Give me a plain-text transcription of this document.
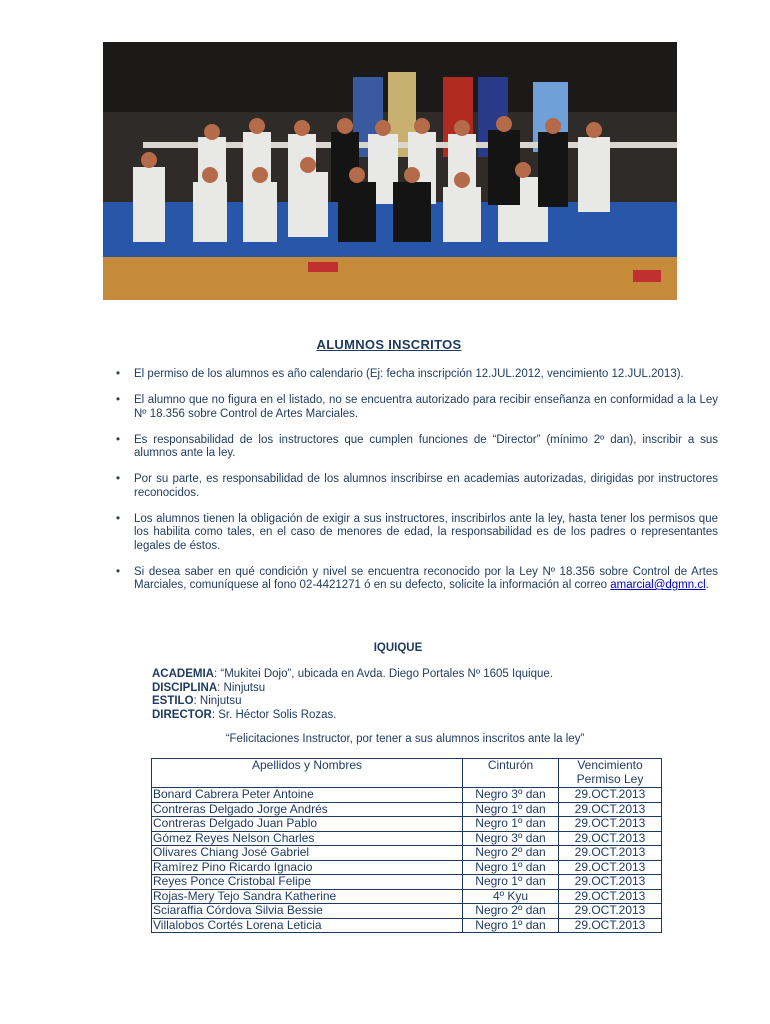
ALUMNOS INSCRITOS
• El permiso de los alumnos es año calendario (Ej: fecha inscripción 12.JUL.2012, vencimiento 12.JUL.2013).
• El alumno que no figura en el listado, no se encuentra autorizado para recibir enseñanza en conformidad a la Ley Nº 18.356 sobre Control de Artes Marciales.
• Es responsabilidad de los instructores que cumplen funciones de “Director” (mínimo 2º dan), inscribir a sus alumnos ante la ley.
• Por su parte, es responsabilidad de los alumnos inscribirse en academias autorizadas, dirigidas por instructores reconocidos.
• Los alumnos tienen la obligación de exigir a sus instructores, inscribirlos ante la ley, hasta tener los permisos que los habilita como tales, en el caso de menores de edad, la responsabilidad es de los padres o representantes legales de éstos.
• Si desea saber en qué condición y nivel se encuentra reconocido por la Ley Nº 18.356 sobre Control de Artes Marciales, comuníquese al fono 02-4421271 ó en su defecto, solicite la información al correo amarcial@dgmn.cl.
IQUIQUE
ACADEMIA: “Mukitei Dojo”, ubicada en Avda. Diego Portales Nº 1605 Iquique.
DISCIPLINA: Ninjutsu
ESTILO: Ninjutsu
DIRECTOR: Sr. Héctor Solis Rozas.
“Felicitaciones Instructor, por tener a sus alumnos inscritos ante la ley”
Apellidos y Nombres	Cinturón	Vencimiento Permiso Ley
Bonard Cabrera Peter Antoine	Negro 3º dan	29.OCT.2013
Contreras Delgado Jorge Andrés	Negro 1º dan	29.OCT.2013
Contreras Delgado Juan Pablo	Negro 1º dan	29.OCT.2013
Gómez Reyes Nelson Charles	Negro 3º dan	29.OCT.2013
Olivares Chiang José Gabriel	Negro 2º dan	29.OCT.2013
Ramírez Pino Ricardo Ignacio	Negro 1º dan	29.OCT.2013
Reyes Ponce Cristobal Felipe	Negro 1º dan	29.OCT.2013
Rojas-Mery Tejo Sandra Katherine	4º Kyu	29.OCT.2013
Sciaraffia Córdova Silvia Bessie	Negro 2º dan	29.OCT.2013
Villalobos Cortés Lorena Leticia	Negro 1º dan	29.OCT.2013
